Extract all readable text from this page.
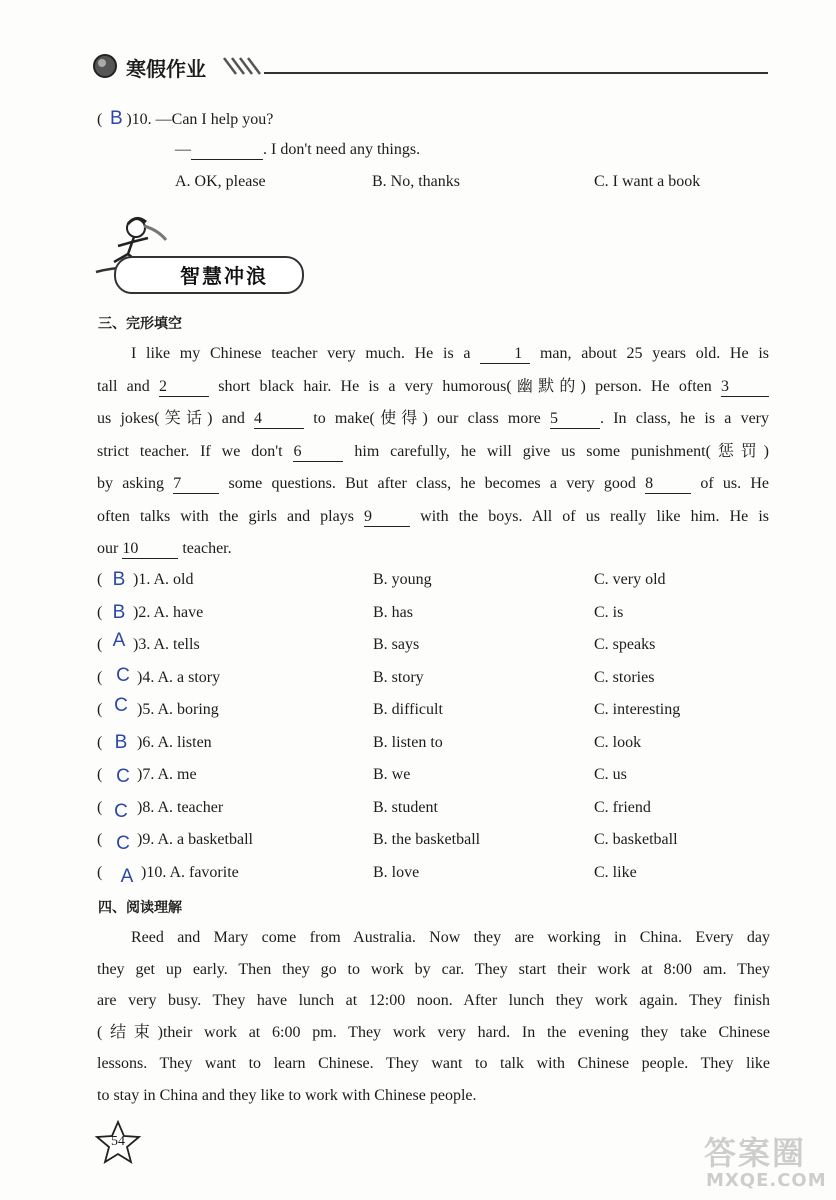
寒假作业
( B )10. —Can I help you?
—	. I don't need any things.
A. OK, please	B. No, thanks	C. I want a book
智慧冲浪
三、完形填空
I like my Chinese teacher very much. He is a 1 man, about 25 years old. He is
tall and 2	short black hair. He is a very humorous(幽默的) person. He often 3
us jokes(笑话) and 4	to make(使得) our class more 5	. In class, he is a very
strict teacher. If we don't 6	him carefully, he will give us some punishment(惩罚)
by asking 7 some questions. But after class, he becomes a very good 8 of us. He
often talks with the girls and plays 9 with the boys. All of us really like him. He is
our 10	teacher.
( B )1. A. old	B. young	C. very old
( B )2. A. have	B. has	C. is
( A )3. A. tells	B. says	C. speaks
( C )4. A. a story	B. story	C. stories
( C )5. A. boring	B. difficult	C. interesting
( B )6. A. listen	B. listen to	C. look
( C )7. A. me	B. we	C. us
( C )8. A. teacher	B. student	C. friend
( C )9. A. a basketball	B. the basketball	C. basketball
( A )10. A. favorite	B. love	C. like
四、阅读理解
Reed and Mary come from Australia. Now they are working in China. Every day
they get up early. Then they go to work by car. They start their work at 8:00 am. They
are very busy. They have lunch at 12:00 noon. After lunch they work again. They finish
(结束)their work at 6:00 pm. They work very hard. In the evening they take Chinese
lessons. They want to learn Chinese. They want to talk with Chinese people. They like
to stay in China and they like to work with Chinese people.
54	答案圈
MXQE.COM
